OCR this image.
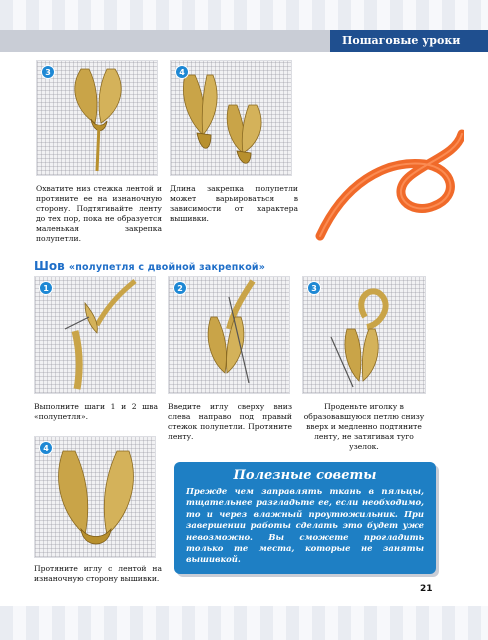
Пошаговые уроки
3	4
Охватите низ стежка лентой и протяните ее на изнаночную сторону. Подтягивайте ленту до тех пор, пока не образуется маленькая закрепка полупетли.
Длина закрепка полупетли может варьироваться в зависимости от характера вышивки.
Шов «полупетля с двойной закрепкой»
1	2	3
Выполните шаги 1 и 2 шва «полупетля».
Введите иглу сверху вниз слева направо под правый стежок полупетли. Протяните ленту.
Проденьте иголку в образовавшуюся петлю снизу вверх и медленно подтяните ленту, не затягивая туго узелок.
4
Протяните иглу с лентой на изнаночную сторону вышивки.
Полезные советы
Прежде чем заправлять ткань в пяльцы, тщательнее разгладьте ее, если необходимо, то и через влажный проутюжильник. При завершении работы сделать это будет уже невозможно. Вы сможете прогладить только те места, которые не заняты вышивкой.
21
